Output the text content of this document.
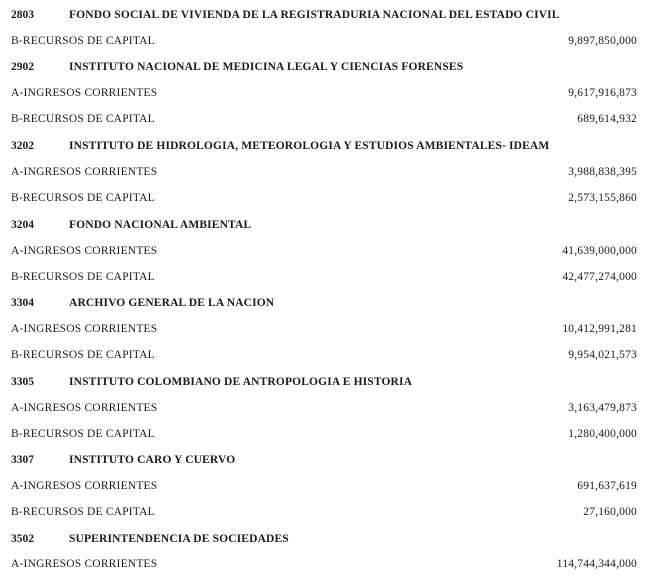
2803	FONDO SOCIAL DE VIVIENDA DE LA REGISTRADURIA NACIONAL DEL ESTADO CIVIL
B-RECURSOS DE CAPITAL	9,897,850,000
2902	INSTITUTO NACIONAL DE MEDICINA LEGAL Y CIENCIAS FORENSES
A-INGRESOS CORRIENTES	9,617,916,873
B-RECURSOS DE CAPITAL	689,614,932
3202	INSTITUTO DE HIDROLOGIA, METEOROLOGIA Y ESTUDIOS AMBIENTALES- IDEAM
A-INGRESOS CORRIENTES	3,988,838,395
B-RECURSOS DE CAPITAL	2,573,155,860
3204	FONDO NACIONAL AMBIENTAL
A-INGRESOS CORRIENTES	41,639,000,000
B-RECURSOS DE CAPITAL	42,477,274,000
3304	ARCHIVO GENERAL DE LA NACION
A-INGRESOS CORRIENTES	10,412,991,281
B-RECURSOS DE CAPITAL	9,954,021,573
3305	INSTITUTO COLOMBIANO DE ANTROPOLOGIA E HISTORIA
A-INGRESOS CORRIENTES	3,163,479,873
B-RECURSOS DE CAPITAL	1,280,400,000
3307	INSTITUTO CARO Y CUERVO
A-INGRESOS CORRIENTES	691,637,619
B-RECURSOS DE CAPITAL	27,160,000
3502	SUPERINTENDENCIA DE SOCIEDADES
A-INGRESOS CORRIENTES	114,744,344,000
